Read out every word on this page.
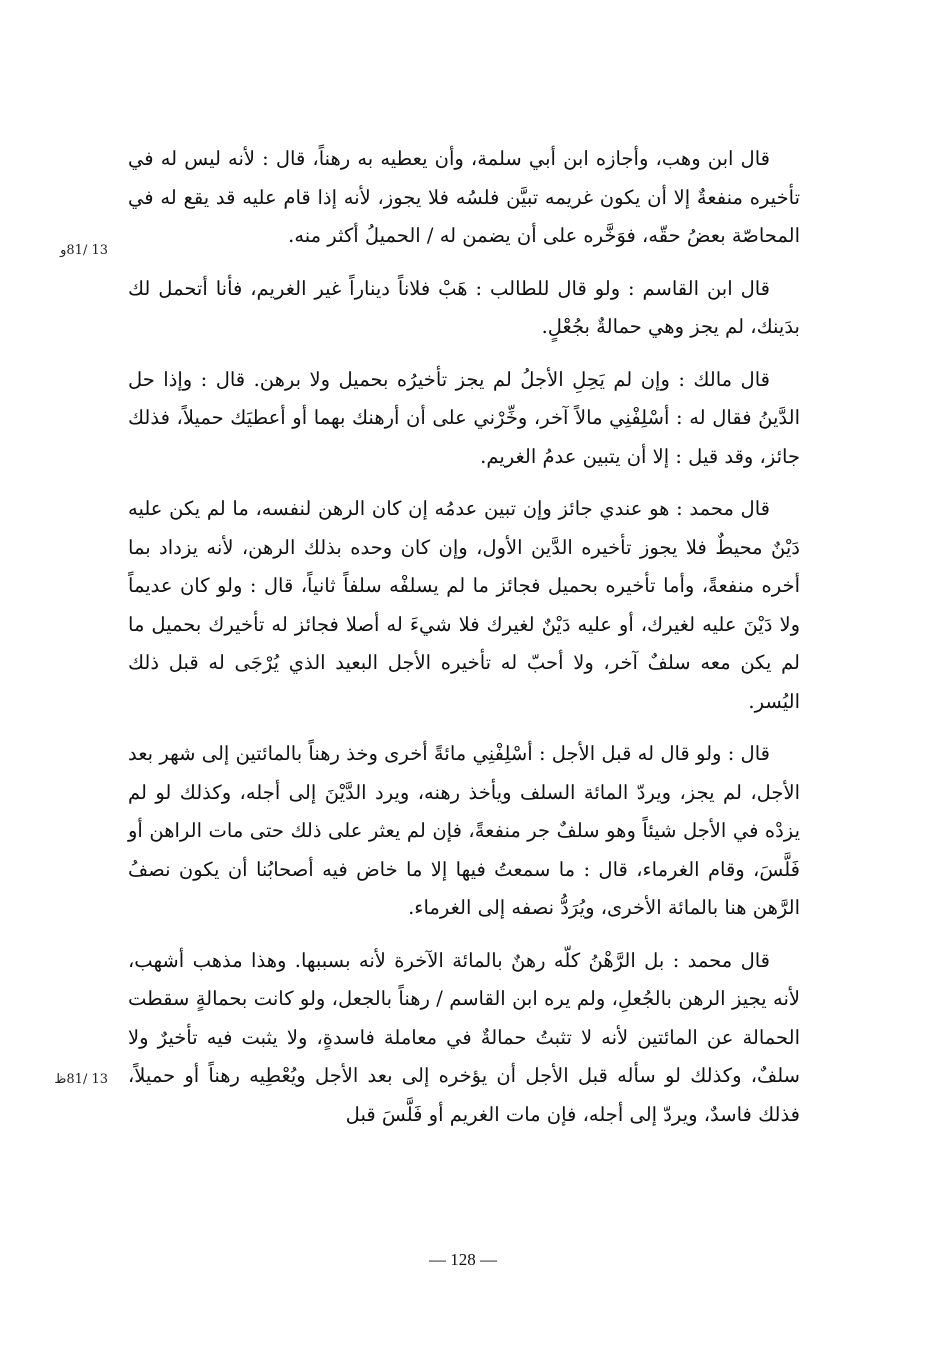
13 /81و
13 /81ظ

قال ابن وهب، وأجازه ابن أبي سلمة، وأن يعطيه به رهناً، قال : لأنه ليس له في تأخيره منفعةٌ إلا أن يكون غريمه تبيَّن فلسُه فلا يجوز، لأنه إذا قام عليه قد يقع له في المحاصّة بعضُ حقّه، فوَخَّره على أن يضمن له / الحميلُ أكثر منه.

قال ابن القاسم : ولو قال للطالب : هَبْ فلاناً ديناراً غير الغريم، فأنا أتحمل لك بدَينك، لم يجز وهي حمالةٌ بجُعْلٍ.

قال مالك : وإن لم يَحِلِ الأجلُ لم يجز تأخيرُه بحميل ولا برهن. قال : وإذا حل الدَّينُ فقال له : أسْلِفْنِي مالاً آخر، وخِّرْني على أن أرهنك بهما أو أعطيَك حميلاً، فذلك جائز، وقد قيل : إلا أن يتبين عدمُ الغريم.

قال محمد : هو عندي جائز وإن تبين عدمُه إن كان الرهن لنفسه، ما لم يكن عليه دَيْنٌ محيطٌ فلا يجوز تأخيره الدَّين الأول، وإن كان وحده بذلك الرهن، لأنه يزداد بما أخره منفعةً، وأما تأخيره بحميل فجائز ما لم يسلفْه سلفاً ثانياً، قال : ولو كان عديماً ولا دَيْنَ عليه لغيرك، أو عليه دَيْنٌ لغيرك فلا شيءَ له أصلا فجائز له تأخيرك بحميل ما لم يكن معه سلفٌ آخر، ولا أحبّ له تأخيره الأجل البعيد الذي يُرْجَى له قبل ذلك اليُسر.

قال : ولو قال له قبل الأجل : أسْلِفْنِي مائةً أخرى وخذ رهناً بالمائتين إلى شهر بعد الأجل، لم يجز، ويردّ المائة السلف ويأخذ رهنه، ويرد الدَّيْنَ إلى أجله، وكذلك لو لم يزدْه في الأجل شيئاً وهو سلفٌ جر منفعةً، فإن لم يعثر على ذلك حتى مات الراهن أو فَلَّسَ، وقام الغرماء، قال : ما سمعتُ فيها إلا ما خاض فيه أصحابُنا أن يكون نصفُ الرَّهن هنا بالمائة الأخرى، ويُرَدُّ نصفه إلى الغرماء.

قال محمد : بل الرَّهْنُ كلّه رهنٌ بالمائة الآخرة لأنه بسببها. وهذا مذهب أشهب، لأنه يجيز الرهن بالجُعلِ، ولم يره ابن القاسم / رهناً بالجعل، ولو كانت بحمالةٍ سقطت الحمالة عن المائتين لأنه لا تثبتُ حمالةٌ في معاملة فاسدةٍ، ولا يثبت فيه تأخيرٌ ولا سلفٌ، وكذلك لو سأله قبل الأجل أن يؤخره إلى بعد الأجل ويُعْطِيه رهناً أو حميلاً، فذلك فاسدٌ، ويردّ إلى أجله، فإن مات الغريم أو فَلَّسَ قبل

— 128 —
